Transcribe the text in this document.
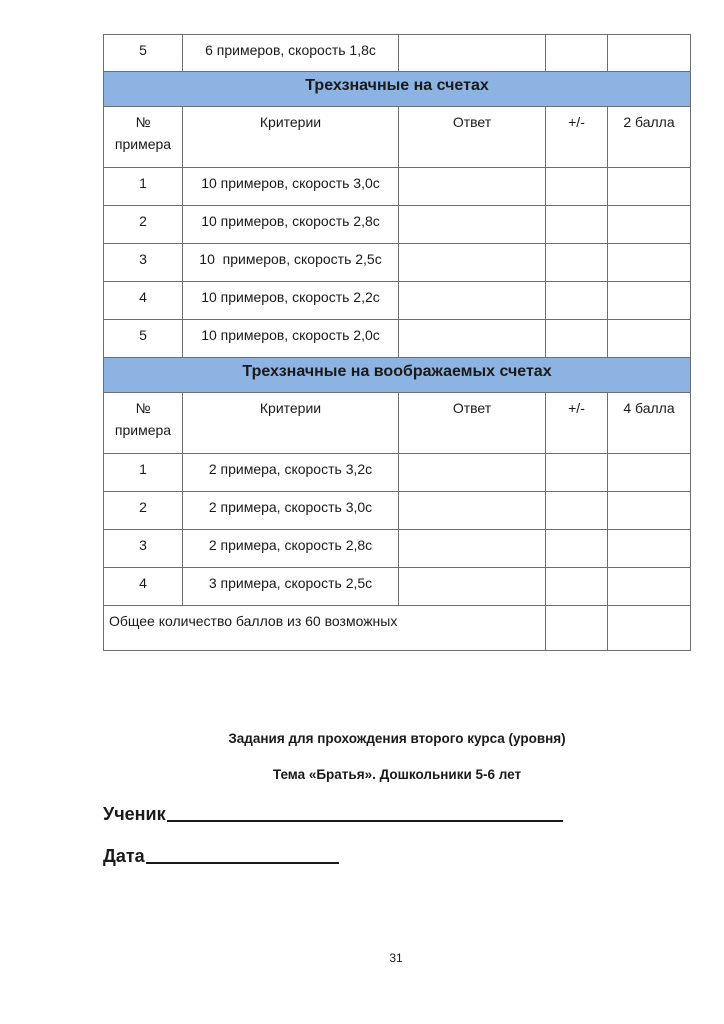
5	6 примеров, скорость 1,8с			
Трехзначные на счетах				
№ примера	Критерии	Ответ	+/-	2 балла
1	10 примеров, скорость 3,0с			
2	10 примеров, скорость 2,8с			
3	10  примеров, скорость 2,5с			
4	10 примеров, скорость 2,2с			
5	10 примеров, скорость 2,0с			
Трехзначные на воображаемых счетах				
№ примера	Критерии	Ответ	+/-	4 балла
1	2 примера, скорость 3,2с			
2	2 примера, скорость 3,0с			
3	2 примера, скорость 2,8с			
4	3 примера, скорость 2,5с			
Общее количество баллов из 60 возможных				
Задания для прохождения второго курса (уровня)
Тема «Братья». Дошкольники 5-6 лет
Ученик
Дата
31
